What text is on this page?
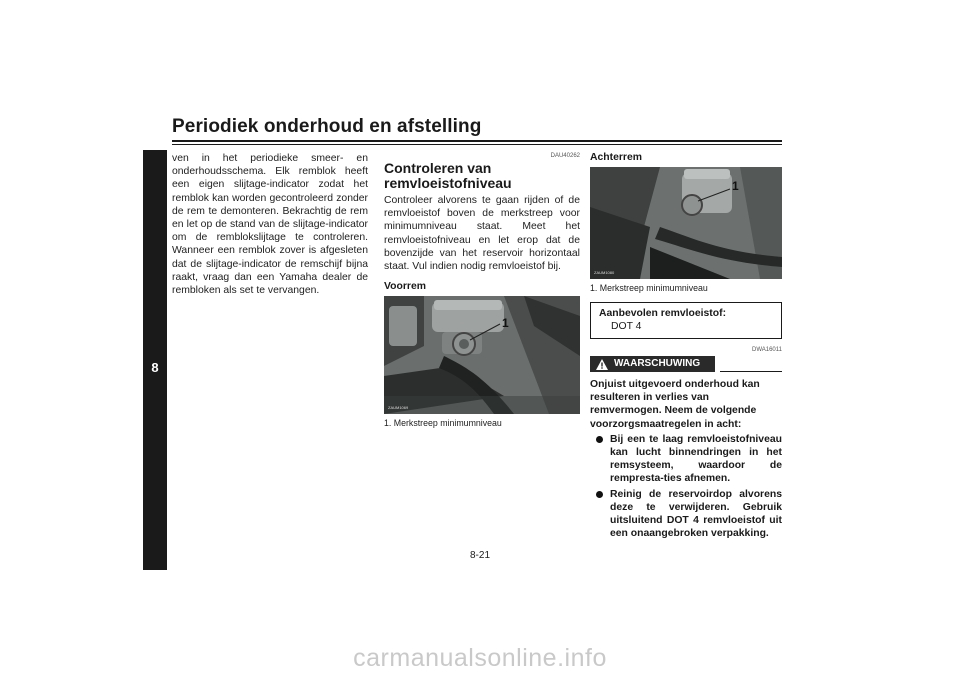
Periodiek onderhoud en afstelling
8

ven in het periodieke smeer- en onderhoudsschema. Elk remblok heeft een eigen slijtage-indicator zodat het remblok kan worden gecontroleerd zonder de rem te demonteren. Bekrachtig de rem en let op de stand van de slijtage-indicator om de remblokslijtage te controleren. Wanneer een remblok zover is afgesleten dat de slijtage-indicator de remschijf bijna raakt, vraag dan een Yamaha dealer de rembloken als set te vervangen.

DAU40262
Controleren van remvloeistofniveau

Controleer alvorens te gaan rijden of de remvloeistof boven de merkstreep voor minimumniveau staat. Meet het remvloeistofniveau en let erop dat de bovenzijde van het reservoir horizontaal staat. Vul indien nodig remvloeistof bij.

Voorrem
ZAUM1069
1
1. Merkstreep minimumniveau
Achterrem
ZAUM1080
1
1. Merkstreep minimumniveau
Aanbevolen remvloeistof:
DOT 4
DWA16011
WAARSCHUWING
Onjuist uitgevoerd onderhoud kan resulteren in verlies van remvermogen. Neem de volgende voorzorgsmaatregelen in acht:
Bij een te laag remvloeistofniveau kan lucht binnendringen in het remsysteem, waardoor de rempresta-ties afnemen.
Reinig de reservoirdop alvorens deze te verwijderen. Gebruik uitsluitend DOT 4 remvloeistof uit een onaangebroken verpakking.
8-21
carmanualsonline.info
